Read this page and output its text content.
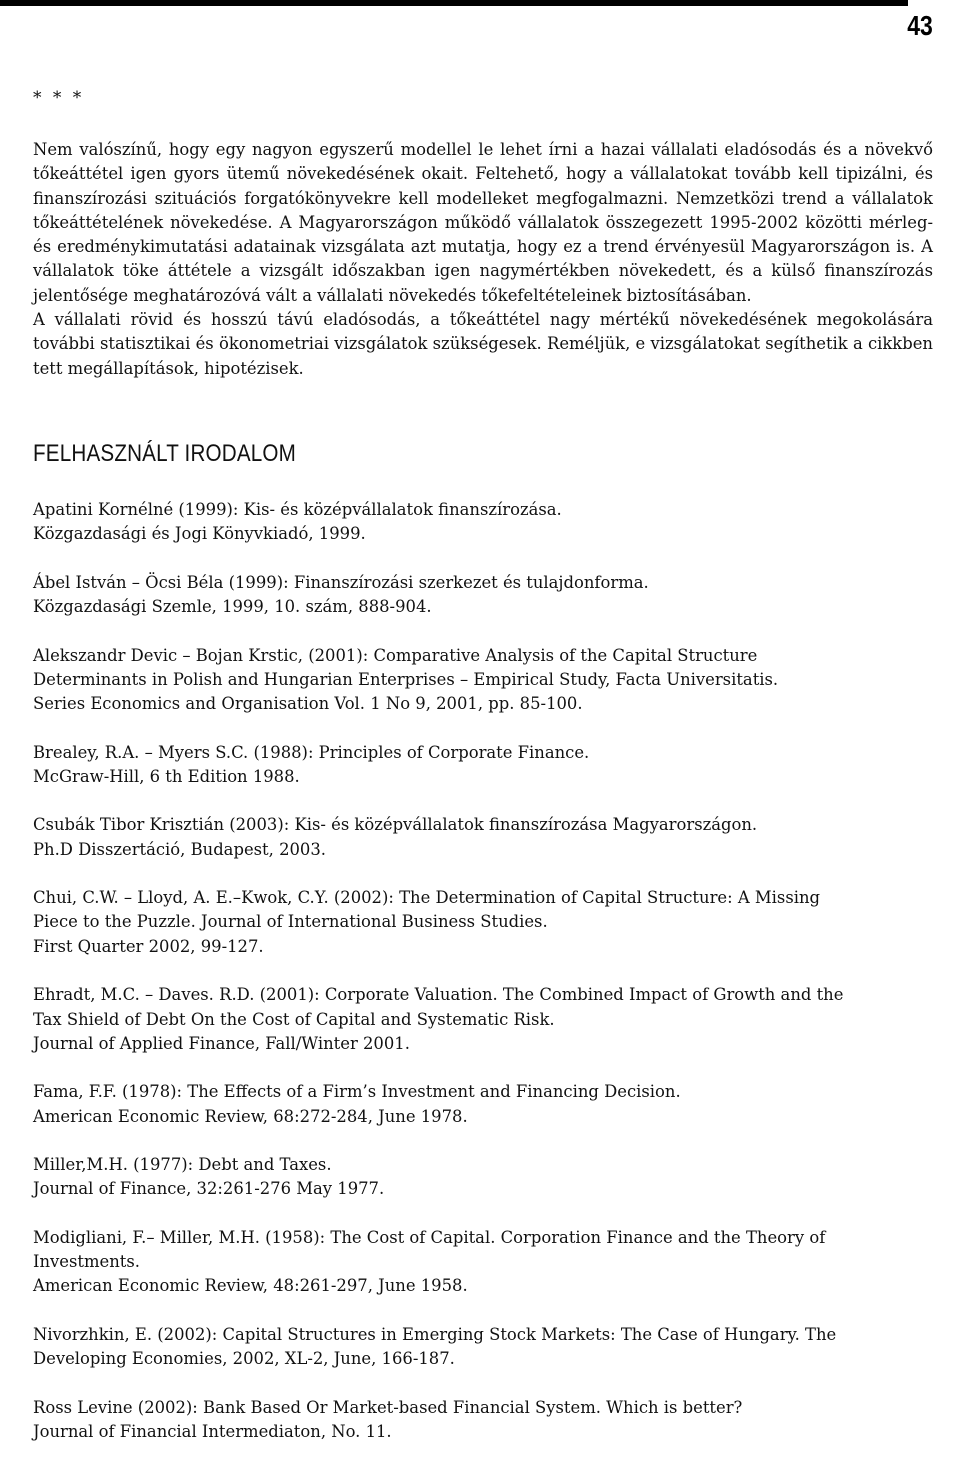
43
* * *

Nem valószínű, hogy egy nagyon egyszerű modellel le lehet írni a hazai vállalati eladósodás és a növekvő tőkeáttétel igen gyors ütemű növekedésének okait. Feltehető, hogy a vállalatokat tovább kell tipizálni, és finanszírozási szituációs forgatókönyvekre kell modelleket megfogalmazni. Nemzetközi trend a vállalatok tőkeáttételének növekedése. A Magyarországon működő vállalatok összegezett 1995-2002 közötti mérleg- és eredménykimutatási adatainak vizsgálata azt mutatja, hogy ez a trend érvényesül Magyarországon is. A vállalatok töke áttétele a vizsgált időszakban igen nagymértékben növekedett, és a külső finanszírozás jelentősége meghatározóvá vált a vállalati növekedés tőkefeltételeinek biztosításában.

A vállalati rövid és hosszú távú eladósodás, a tőkeáttétel nagy mértékű növekedésének megokolására további statisztikai és ökonometriai vizsgálatok szükségesek. Reméljük, e vizsgálatokat segíthetik a cikkben tett megállapítások, hipotézisek.

FELHASZNÁLT IRODALOM
Apatini Kornélné (1999): Kis- és középvállalatok finanszírozása.
Közgazdasági és Jogi Könyvkiadó, 1999.
Ábel István – Öcsi Béla (1999): Finanszírozási szerkezet és tulajdonforma.
Közgazdasági Szemle, 1999, 10. szám, 888-904.
Alekszandr Devic – Bojan Krstic, (2001): Comparative Analysis of the Capital Structure
Determinants in Polish and Hungarian Enterprises – Empirical Study, Facta Universitatis.
Series Economics and Organisation Vol. 1 No 9, 2001, pp. 85-100.
Brealey, R.A. – Myers S.C. (1988): Principles of Corporate Finance.
McGraw-Hill, 6 th Edition 1988.
Csubák Tibor Krisztián (2003): Kis- és középvállalatok finanszírozása Magyarországon.
Ph.D Disszertáció, Budapest, 2003.
Chui, C.W. – Lloyd, A. E.–Kwok, C.Y. (2002): The Determination of Capital Structure: A Missing
Piece to the Puzzle. Journal of International Business Studies.
First Quarter 2002, 99-127.
Ehradt, M.C. – Daves. R.D. (2001): Corporate Valuation. The Combined Impact of Growth and the
Tax Shield of Debt On the Cost of Capital and Systematic Risk.
Journal of Applied Finance, Fall/Winter 2001.
Fama, F.F. (1978): The Effects of a Firm’s Investment and Financing Decision.
American Economic Review, 68:272-284, June 1978.
Miller,M.H. (1977): Debt and Taxes.
Journal of Finance, 32:261-276 May 1977.
Modigliani, F.– Miller, M.H. (1958): The Cost of Capital. Corporation Finance and the Theory of
Investments.
American Economic Review, 48:261-297, June 1958.
Nivorzhkin, E. (2002): Capital Structures in Emerging Stock Markets: The Case of Hungary. The
Developing Economies, 2002, XL-2, June, 166-187.
Ross Levine (2002): Bank Based Or Market-based Financial System. Which is better?
Journal of Financial Intermediaton, No. 11.
